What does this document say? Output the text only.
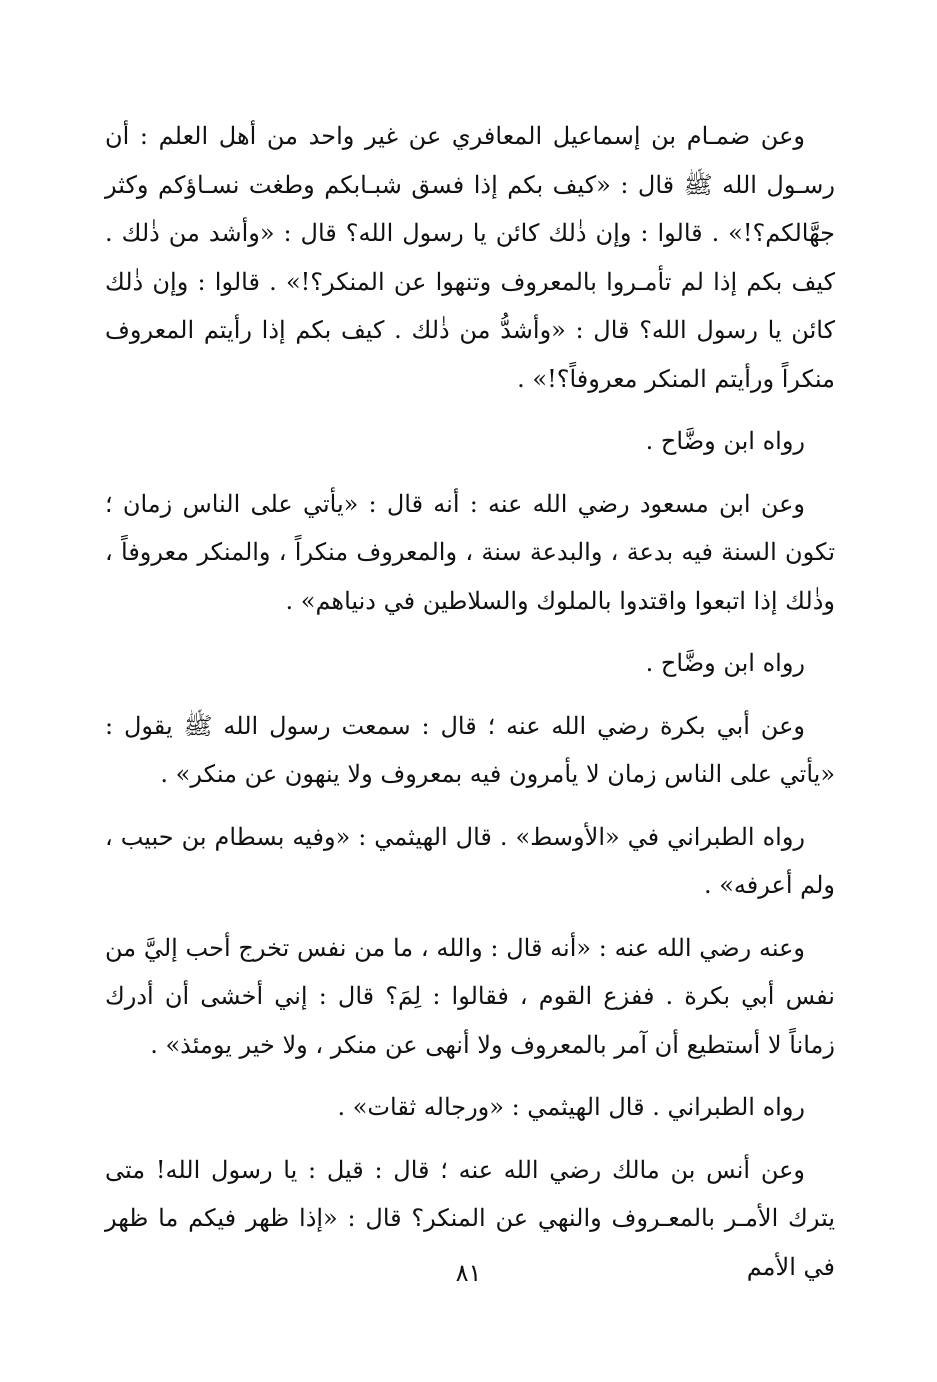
وعن ضمـام بن إسماعيل المعافري عن غير واحد من أهل العلم : أن رسـول الله ﷺ قال : «كيف بكم إذا فسق شبـابكم وطغت نسـاؤكم وكثر جهَّالكم؟!» . قالوا : وإن ذٰلك كائن يا رسول الله؟ قال : «وأشد من ذٰلك . كيف بكم إذا لم تأمـروا بالمعروف وتنهوا عن المنكر؟!» . قالوا : وإن ذٰلك كائن يا رسول الله؟ قال : «وأشدُّ من ذٰلك . كيف بكم إذا رأيتم المعروف منكراً ورأيتم المنكر معروفاً؟!» .

رواه ابن وضَّاح .

وعن ابن مسعود رضي الله عنه : أنه قال : «يأتي على الناس زمان ؛ تكون السنة فيه بدعة ، والبدعة سنة ، والمعروف منكراً ، والمنكر معروفاً ، وذٰلك إذا اتبعوا واقتدوا بالملوك والسلاطين في دنياهم» .

رواه ابن وضَّاح .

وعن أبي بكرة رضي الله عنه ؛ قال : سمعت رسول الله ﷺ يقول : «يأتي على الناس زمان لا يأمرون فيه بمعروف ولا ينهون عن منكر» .

رواه الطبراني في «الأوسط» . قال الهيثمي : «وفيه بسطام بن حبيب ، ولم أعرفه» .

وعنه رضي الله عنه : «أنه قال : والله ، ما من نفس تخرج أحب إليَّ من نفس أبي بكرة . ففزع القوم ، فقالوا : لِمَ؟ قال : إني أخشى أن أدرك زماناً لا أستطيع أن آمر بالمعروف ولا أنهى عن منكر ، ولا خير يومئذ» .

رواه الطبراني . قال الهيثمي : «ورجاله ثقات» .

وعن أنس بن مالك رضي الله عنه ؛ قال : قيل : يا رسول الله! متى يترك الأمـر بالمعـروف والنهي عن المنكر؟ قال : «إذا ظهر فيكم ما ظهر في الأمم

٨١
